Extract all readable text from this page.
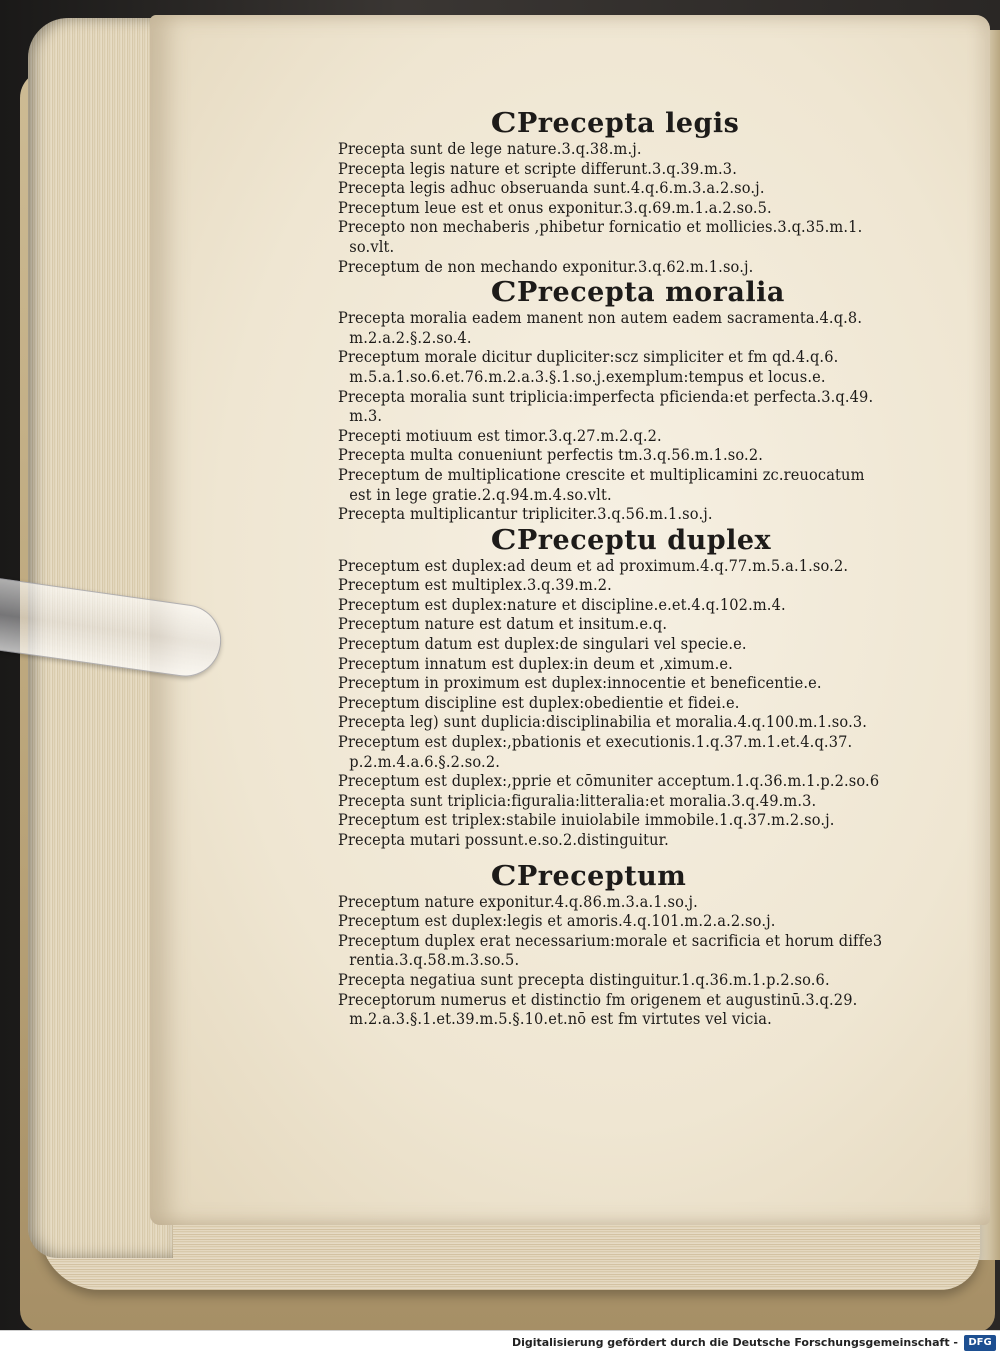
CPrecepta legis

Precepta sunt de lege nature.3.q.38.m.j.

Precepta legis nature et scripte differunt.3.q.39.m.3.

Precepta legis adhuc obseruanda sunt.4.q.6.m.3.a.2.so.j.

Preceptum leue est et onus exponitur.3.q.69.m.1.a.2.so.5.

Precepto non mechaberis ,phibetur fornicatio et mollicies.3.q.35.m.1.

so.vlt.

Preceptum de non mechando exponitur.3.q.62.m.1.so.j.

CPrecepta moralia

Precepta moralia eadem manent non autem eadem sacramenta.4.q.8.

m.2.a.2.§.2.so.4.

Preceptum morale dicitur dupliciter:scz simpliciter et fm qd.4.q.6.

m.5.a.1.so.6.et.76.m.2.a.3.§.1.so.j.exemplum:tempus et locus.e.

Precepta moralia sunt triplicia:imperfecta pficienda:et perfecta.3.q.49.

m.3.

Precepti motiuum est timor.3.q.27.m.2.q.2.

Precepta multa conueniunt perfectis tm.3.q.56.m.1.so.2.

Preceptum de multiplicatione crescite et multiplicamini zc.reuocatum

est in lege gratie.2.q.94.m.4.so.vlt.

Precepta multiplicantur tripliciter.3.q.56.m.1.so.j.

CPreceptu duplex

Preceptum est duplex:ad deum et ad proximum.4.q.77.m.5.a.1.so.2.

Preceptum est multiplex.3.q.39.m.2.

Preceptum est duplex:nature et discipline.e.et.4.q.102.m.4.

Preceptum nature est datum et insitum.e.q.

Preceptum datum est duplex:de singulari vel specie.e.

Preceptum innatum est duplex:in deum et ,ximum.e.

Preceptum in proximum est duplex:innocentie et beneficentie.e.

Preceptum discipline est duplex:obedientie et fidei.e.

Precepta leg) sunt duplicia:disciplinabilia et moralia.4.q.100.m.1.so.3.

Preceptum est duplex:,pbationis et executionis.1.q.37.m.1.et.4.q.37.

p.2.m.4.a.6.§.2.so.2.

Preceptum est duplex:,pprie et cōmuniter acceptum.1.q.36.m.1.p.2.so.6

Precepta sunt triplicia:figuralia:litteralia:et moralia.3.q.49.m.3.

Preceptum est triplex:stabile inuiolabile immobile.1.q.37.m.2.so.j.

Precepta mutari possunt.e.so.2.distinguitur.

CPreceptum

Preceptum nature exponitur.4.q.86.m.3.a.1.so.j.

Preceptum est duplex:legis et amoris.4.q.101.m.2.a.2.so.j.

Preceptum duplex erat necessarium:morale et sacrificia et horum diffe3

rentia.3.q.58.m.3.so.5.

Precepta negatiua sunt precepta distinguitur.1.q.36.m.1.p.2.so.6.

Preceptorum numerus et distinctio fm origenem et augustinū.3.q.29.

m.2.a.3.§.1.et.39.m.5.§.10.et.nō est fm virtutes vel vicia.

Digitalisierung gefördert durch die Deutsche Forschungsgemeinschaft -	DFG
